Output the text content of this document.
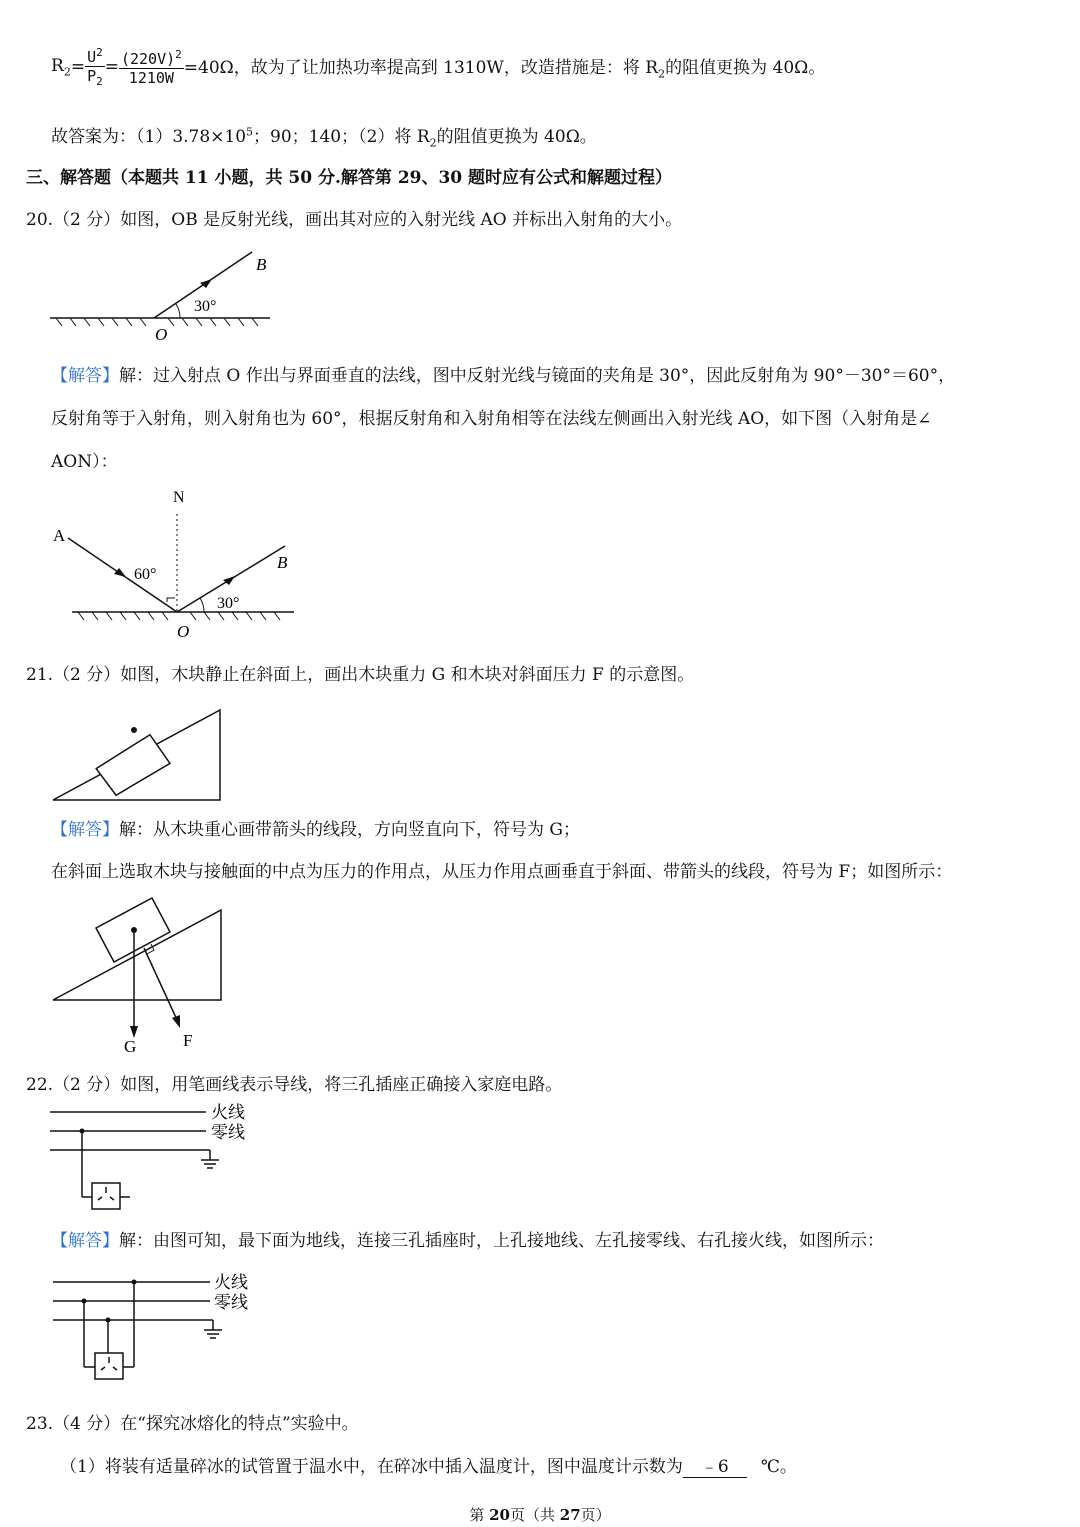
$R_2 = \frac{U^2}{P_2} = \frac{(220V)^2}{1210W} =40\Omega$，故为了让加热功率提高到 1310W，改造措施是：将 $R_2$的阻值更换为 40Ω。
故答案为：$(1)3.78\times 10^5$；90；140；（2）将 $R_2$的阻值更换为 40Ω。
三、解答题（本题共 11 小题，共 50 分.解答第 29、30 题时应有公式和解题过程）
20.（2 分）如图，OB 是反射光线，画出其对应的入射光线 AO 并标出入射角的大小。
30°
B
O
【解答】解：过入射点 O 作出与界面垂直的法线，图中反射光线与镜面的夹角是 30°，因此反射角为 90°－30°＝60°，
反射角等于入射角，则入射角也为 60°，根据反射角和入射角相等在法线左侧画出入射光线 AO，如下图（入射角是∠
AON）：
N
A
60°
30°
B
O
21.（2 分）如图，木块静止在斜面上，画出木块重力 G 和木块对斜面压力 F 的示意图。
【解答】解：从木块重心画带箭头的线段，方向竖直向下，符号为 G；
在斜面上选取木块与接触面的中点为压力的作用点，从压力作用点画垂直于斜面、带箭头的线段，符号为 F；如图所示：
G	F
22.（2 分）如图，用笔画线表示导线，将三孔插座正确接入家庭电路。
火线
零线
【解答】解：由图可知，最下面为地线，连接三孔插座时，上孔接地线、左孔接零线、右孔接火线，如图所示：
火线
零线
23.（4 分）在“探究冰熔化的特点”实验中。
（1）将装有适量碎冰的试管置于温水中，在碎冰中插入温度计，图中温度计示数为 ﹣6 ℃。
第 20页（共 27页）
